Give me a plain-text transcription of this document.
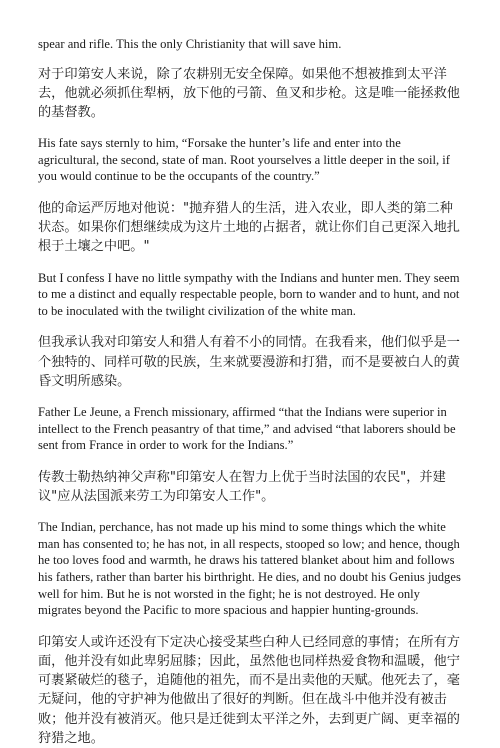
spear and rifle. This the only Christianity that will save him.

对于印第安人来说，除了农耕别无安全保障。如果他不想被推到太平洋去，他就必须抓住犁柄，放下他的弓箭、鱼叉和步枪。这是唯一能拯救他的基督教。

His fate says sternly to him, “Forsake the hunter’s life and enter into the agricultural, the second, state of man. Root yourselves a little deeper in the soil, if you would continue to be the occupants of the country.”

他的命运严厉地对他说："抛弃猎人的生活，进入农业，即人类的第二种状态。如果你们想继续成为这片土地的占据者，就让你们自己更深入地扎根于土壤之中吧。"

But I confess I have no little sympathy with the Indians and hunter men. They seem to me a distinct and equally respectable people, born to wander and to hunt, and not to be inoculated with the twilight civilization of the white man.

但我承认我对印第安人和猎人有着不小的同情。在我看来，他们似乎是一个独特的、同样可敬的民族，生来就要漫游和打猎，而不是要被白人的黄昏文明所感染。

Father Le Jeune, a French missionary, affirmed “that the Indians were superior in intellect to the French peasantry of that time,” and advised “that laborers should be sent from France in order to work for the Indians.”

传教士勒热纳神父声称"印第安人在智力上优于当时法国的农民"，并建议"应从法国派来劳工为印第安人工作"。

The Indian, perchance, has not made up his mind to some things which the white man has consented to; he has not, in all respects, stooped so low; and hence, though he too loves food and warmth, he draws his tattered blanket about him and follows his fathers, rather than barter his birthright. He dies, and no doubt his Genius judges well for him. But he is not worsted in the fight; he is not destroyed. He only migrates beyond the Pacific to more spacious and happier hunting-grounds.

印第安人或许还没有下定决心接受某些白种人已经同意的事情；在所有方面，他并没有如此卑躬屈膝；因此，虽然他也同样热爱食物和温暖，他宁可裹紧破烂的毯子，追随他的祖先，而不是出卖他的天赋。他死去了，毫无疑问，他的守护神为他做出了很好的判断。但在战斗中他并没有被击败；他并没有被消灭。他只是迁徙到太平洋之外，去到更广阔、更幸福的狩猎之地。
